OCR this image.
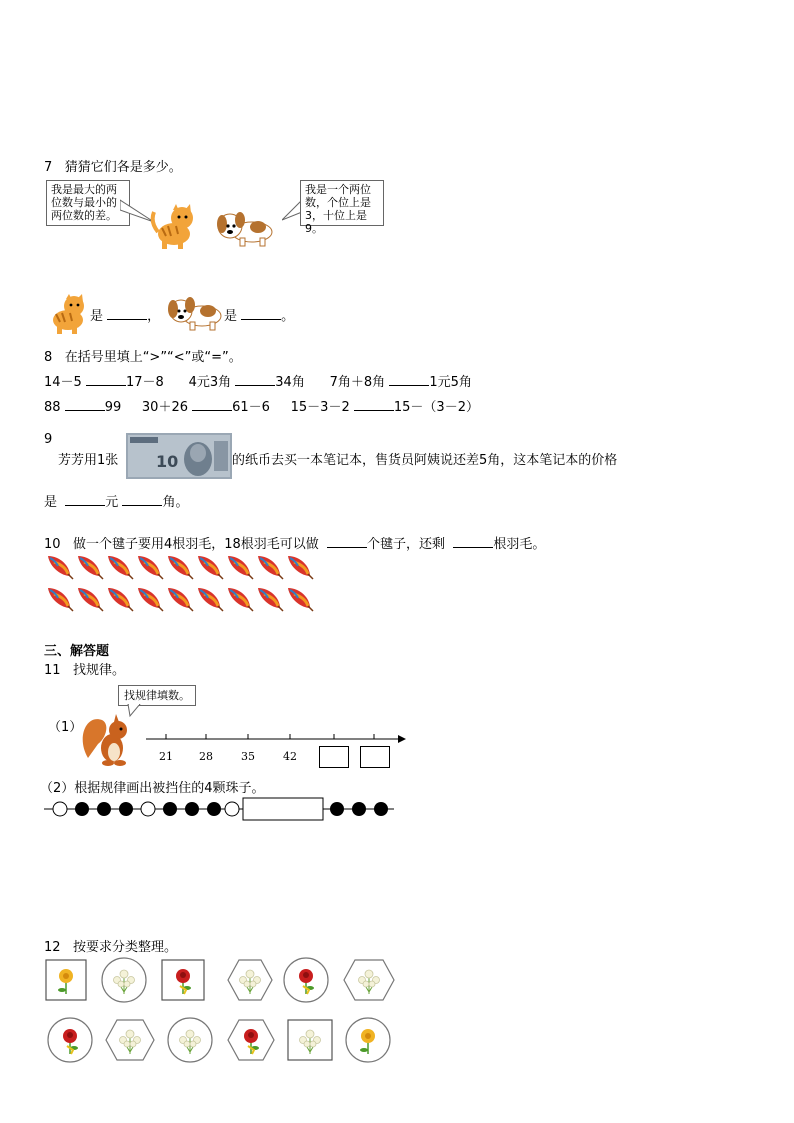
7 猜猜它们各是多少。
我是最大的两位数与最小的两位数的差。
我是一个两位数，个位上是3，十位上是9。
是	，	是	。
8 在括号里填上“>”“<”或“=”。
14－5	17－8 4元3角	34角 7角＋8角	1元5角
88	99 30＋26	61－6 15－3－2	15－（3－2）
9
芳芳用1张 10	的纸币去买一本笔记本，售货员阿姨说还差5角，这本笔记本的价格
是	元	角。
10 做一个毽子要用4根羽毛，18根羽毛可以做	个毽子，还剩	根羽毛。
三、解答题
11 找规律。
找规律填数。
（1）
21 28	35	42
（2）根据规律画出被挡住的4颗珠子。
12 按要求分类整理。
